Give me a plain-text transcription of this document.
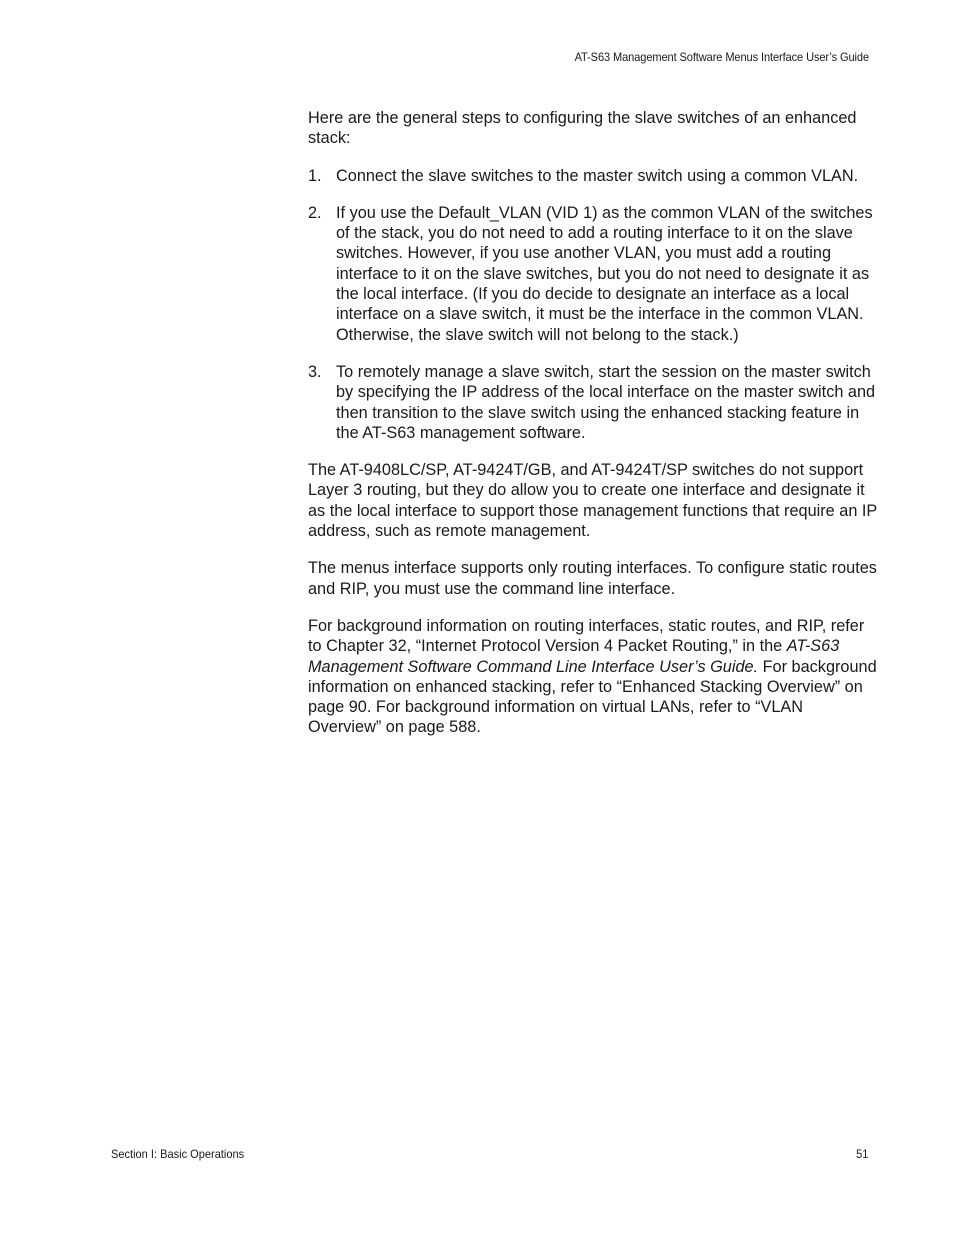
AT-S63 Management Software Menus Interface User’s Guide

Here are the general steps to configuring the slave switches of an enhanced stack:

1. Connect the slave switches to the master switch using a common VLAN.
2. If you use the Default_VLAN (VID 1) as the common VLAN of the switches of the stack, you do not need to add a routing interface to it on the slave switches. However, if you use another VLAN, you must add a routing interface to it on the slave switches, but you do not need to designate it as the local interface. (If you do decide to designate an interface as a local interface on a slave switch, it must be the interface in the common VLAN. Otherwise, the slave switch will not belong to the stack.)
3. To remotely manage a slave switch, start the session on the master switch by specifying the IP address of the local interface on the master switch and then transition to the slave switch using the enhanced stacking feature in the AT-S63 management software.

The AT-9408LC/SP, AT-9424T/GB, and AT-9424T/SP switches do not support Layer 3 routing, but they do allow you to create one interface and designate it as the local interface to support those management functions that require an IP address, such as remote management.

The menus interface supports only routing interfaces. To configure static routes and RIP, you must use the command line interface.

For background information on routing interfaces, static routes, and RIP, refer to Chapter 32, “Internet Protocol Version 4 Packet Routing,” in the AT-S63 Management Software Command Line Interface User’s Guide. For background information on enhanced stacking, refer to “Enhanced Stacking Overview” on page 90. For background information on virtual LANs, refer to “VLAN Overview” on page 588.

Section I: Basic Operations	51
